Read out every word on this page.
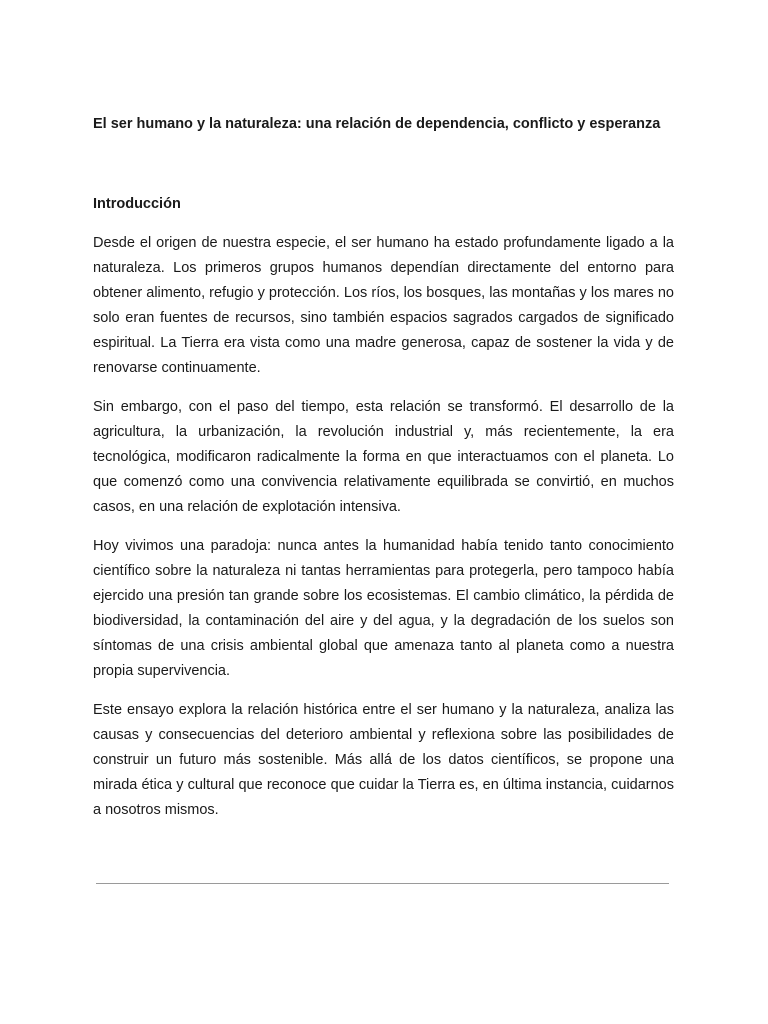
El ser humano y la naturaleza: una relación de dependencia, conflicto y esperanza
Introducción

Desde el origen de nuestra especie, el ser humano ha estado profundamente ligado a la naturaleza. Los primeros grupos humanos dependían directamente del entorno para obtener alimento, refugio y protección. Los ríos, los bosques, las montañas y los mares no solo eran fuentes de recursos, sino también espacios sagrados cargados de significado espiritual. La Tierra era vista como una madre generosa, capaz de sostener la vida y de renovarse continuamente.

Sin embargo, con el paso del tiempo, esta relación se transformó. El desarrollo de la agricultura, la urbanización, la revolución industrial y, más recientemente, la era tecnológica, modificaron radicalmente la forma en que interactuamos con el planeta. Lo que comenzó como una convivencia relativamente equilibrada se convirtió, en muchos casos, en una relación de explotación intensiva.

Hoy vivimos una paradoja: nunca antes la humanidad había tenido tanto conocimiento científico sobre la naturaleza ni tantas herramientas para protegerla, pero tampoco había ejercido una presión tan grande sobre los ecosistemas. El cambio climático, la pérdida de biodiversidad, la contaminación del aire y del agua, y la degradación de los suelos son síntomas de una crisis ambiental global que amenaza tanto al planeta como a nuestra propia supervivencia.

Este ensayo explora la relación histórica entre el ser humano y la naturaleza, analiza las causas y consecuencias del deterioro ambiental y reflexiona sobre las posibilidades de construir un futuro más sostenible. Más allá de los datos científicos, se propone una mirada ética y cultural que reconoce que cuidar la Tierra es, en última instancia, cuidarnos a nosotros mismos.
